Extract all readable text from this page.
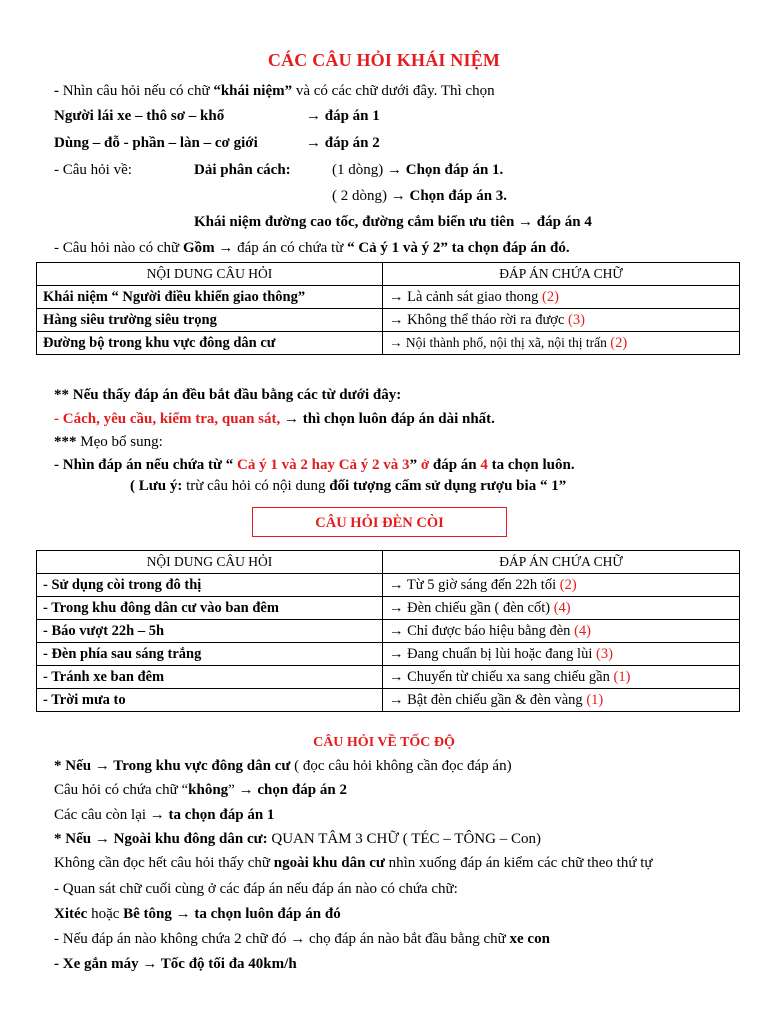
CÁC CÂU HỎI KHÁI NIỆM
- Nhìn câu hỏi nếu có chữ “khái niệm” và có các chữ dưới đây. Thì chọn
Người lái xe – thô sơ – khổ	→ đáp án 1
Dùng – đỗ - phần – làn – cơ giới	→ đáp án 2
- Câu hỏi về:	Dải phân cách:	(1 dòng) → Chọn đáp án 1.
( 2 dòng) → Chọn đáp án 3.
Khái niệm đường cao tốc, đường cắm biển ưu tiên → đáp án 4
- Câu hỏi nào có chữ Gồm → đáp án có chứa từ “ Cả ý 1 và ý 2” ta chọn đáp án đó.
NỘI DUNG CÂU HỎI	ĐÁP ÁN CHỨA CHỮ
Khái niệm “ Người điều khiển giao thông”	→ Là cảnh sát giao thong (2)
Hàng siêu trường siêu trọng	→ Không thể tháo rời ra được (3)
Đường bộ trong khu vực đông dân cư	→ Nội thành phố, nội thị xã, nội thị trấn (2)
** Nếu thấy đáp án đều bắt đầu bằng các từ dưới đây:
- Cách, yêu cầu, kiểm tra, quan sát, → thì chọn luôn đáp án dài nhất.
*** Mẹo bổ sung:
- Nhìn đáp án nếu chứa từ “ Cả ý 1 và 2 hay Cả ý 2 và 3” ở đáp án 4 ta chọn luôn.
( Lưu ý: trừ câu hỏi có nội dung đối tượng cấm sử dụng rượu bia “ 1”
CÂU HỎI ĐÈN CÒI
NỘI DUNG CÂU HỎI	ĐÁP ÁN CHỨA CHỮ
- Sử dụng còi trong đô thị	→ Từ 5 giờ sáng đến 22h tối (2)
- Trong khu đông dân cư vào ban đêm	→ Đèn chiếu gần ( đèn cốt) (4)
- Báo vượt 22h – 5h	→ Chỉ được báo hiệu bằng đèn (4)
- Đèn phía sau sáng trắng	→ Đang chuẩn bị lùi hoặc đang lùi (3)
- Tránh xe ban đêm	→ Chuyển từ chiếu xa sang chiếu gần (1)
- Trời mưa to	→ Bật đèn chiếu gần & đèn vàng (1)
CÂU HỎI VỀ TỐC ĐỘ
* Nếu → Trong khu vực đông dân cư ( đọc câu hỏi không cần đọc đáp án)
Câu hỏi có chứa chữ “không” → chọn đáp án 2
Các câu còn lại → ta chọn đáp án 1
* Nếu → Ngoài khu đông dân cư: QUAN TÂM 3 CHỮ ( TÉC – TÔNG – Con)
Không cần đọc hết câu hỏi thấy chữ ngoài khu dân cư nhìn xuống đáp án kiểm các chữ theo thứ tự
- Quan sát chữ cuối cùng ở các đáp án nếu đáp án nào có chứa chữ:
Xitéc hoặc Bê tông → ta chọn luôn đáp án đó
- Nếu đáp án nào không chứa 2 chữ đó → chọ đáp án nào bắt đầu bằng chữ xe con
- Xe gắn máy → Tốc độ tối đa 40km/h
